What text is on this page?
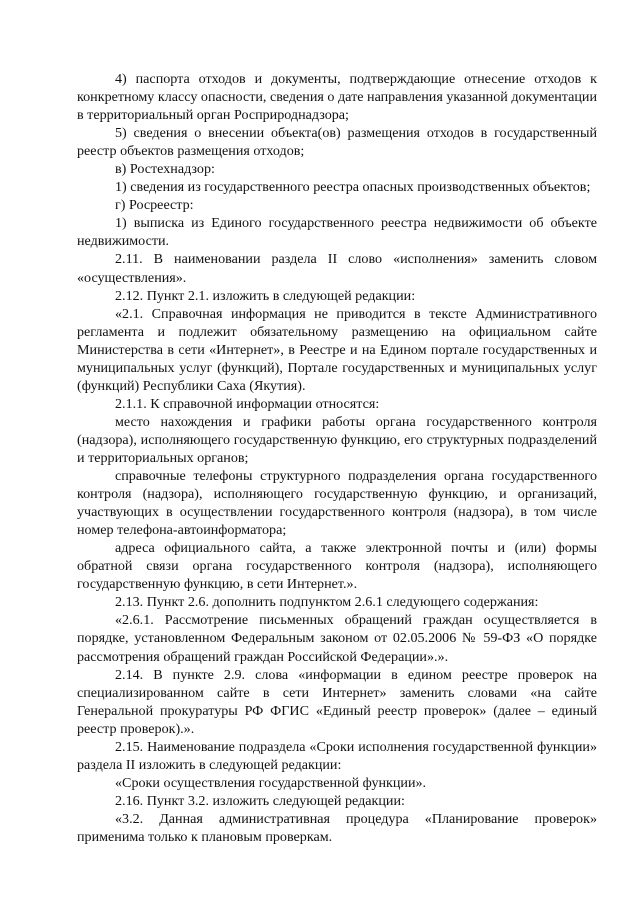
4) паспорта отходов и документы, подтверждающие отнесение отходов к конкретному классу опасности, сведения о дате направления указанной документации в территориальный орган Росприроднадзора;

5) сведения о внесении объекта(ов) размещения отходов в государственный реестр объектов размещения отходов;

в) Ростехнадзор:

1) сведения из государственного реестра опасных производственных объектов;

г) Росреестр:

1) выписка из Единого государственного реестра недвижимости об объекте недвижимости.

2.11. В наименовании раздела II слово «исполнения» заменить словом «осуществления».

2.12. Пункт 2.1. изложить в следующей редакции:

«2.1. Справочная информация не приводится в тексте Административного регламента и подлежит обязательному размещению на официальном сайте Министерства в сети «Интернет», в Реестре и на Едином портале государственных и муниципальных услуг (функций), Портале государственных и муниципальных услуг (функций) Республики Саха (Якутия).

2.1.1. К справочной информации относятся:

место нахождения и графики работы органа государственного контроля (надзора), исполняющего государственную функцию, его структурных подразделений и территориальных органов;

справочные телефоны структурного подразделения органа государственного контроля (надзора), исполняющего государственную функцию, и организаций, участвующих в осуществлении государственного контроля (надзора), в том числе номер телефона-автоинформатора;

адреса официального сайта, а также электронной почты и (или) формы обратной связи органа государственного контроля (надзора), исполняющего государственную функцию, в сети Интернет.».

2.13. Пункт 2.6. дополнить подпунктом 2.6.1 следующего содержания:

«2.6.1. Рассмотрение письменных обращений граждан осуществляется в порядке, установленном Федеральным законом от 02.05.2006 № 59-ФЗ «О порядке рассмотрения обращений граждан Российской Федерации».».

2.14. В пункте 2.9. слова «информации в едином реестре проверок на специализированном сайте в сети Интернет» заменить словами «на сайте Генеральной прокуратуры РФ ФГИС «Единый реестр проверок» (далее – единый реестр проверок).».

2.15. Наименование подраздела «Сроки исполнения государственной функции» раздела II изложить в следующей редакции:

«Сроки осуществления государственной функции».

2.16. Пункт 3.2. изложить следующей редакции:

«3.2. Данная административная процедура «Планирование проверок» применима только к плановым проверкам.
